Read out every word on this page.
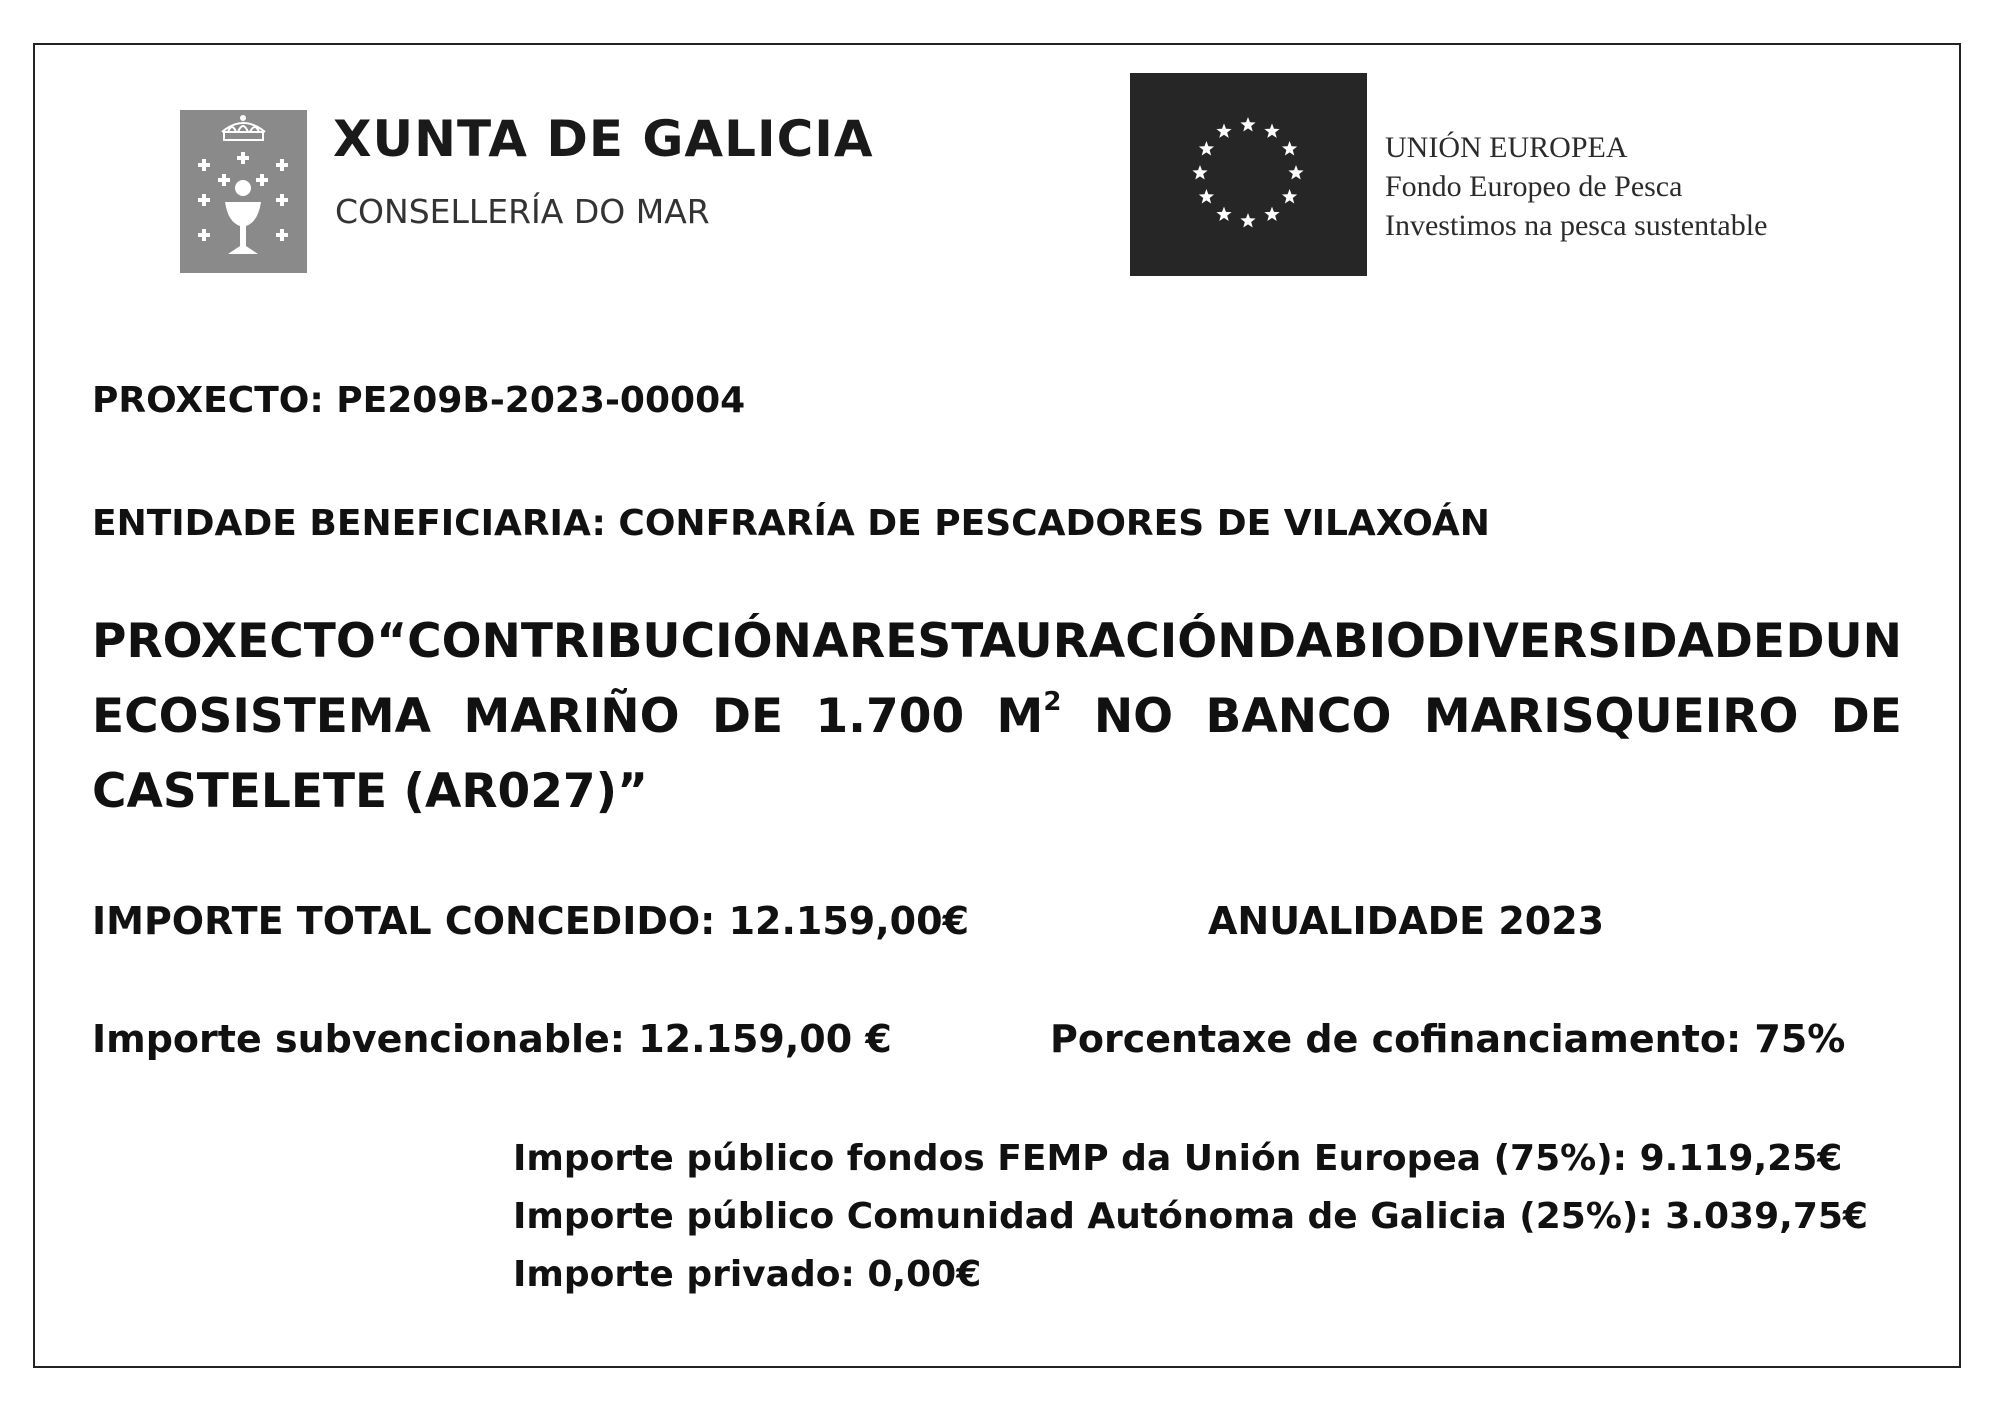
XUNTA DE GALICIA
CONSELLERÍA DO MAR
UNIÓN EUROPEA
Fondo Europeo de Pesca
Investimos na pesca sustentable
PROXECTO: PE209B-2023-00004
ENTIDADE BENEFICIARIA: CONFRARÍA DE PESCADORES DE VILAXOÁN
PROXECTO “CONTRIBUCIÓN A RESTAURACIÓN DA BIODIVERSIDADE DUN
ECOSISTEMA MARIÑO DE 1.700 $M^2$ NO BANCO MARISQUEIRO DE
CASTELETE (AR027)”
IMPORTE TOTAL CONCEDIDO: 12.159,00€	ANUALIDADE 2023
Importe subvencionable: 12.159,00 €	Porcentaxe de cofinanciamento: 75%
Importe público fondos FEMP da Unión Europea (75%): 9.119,25€
Importe público Comunidad Autónoma de Galicia (25%): 3.039,75€
Importe privado: 0,00€
